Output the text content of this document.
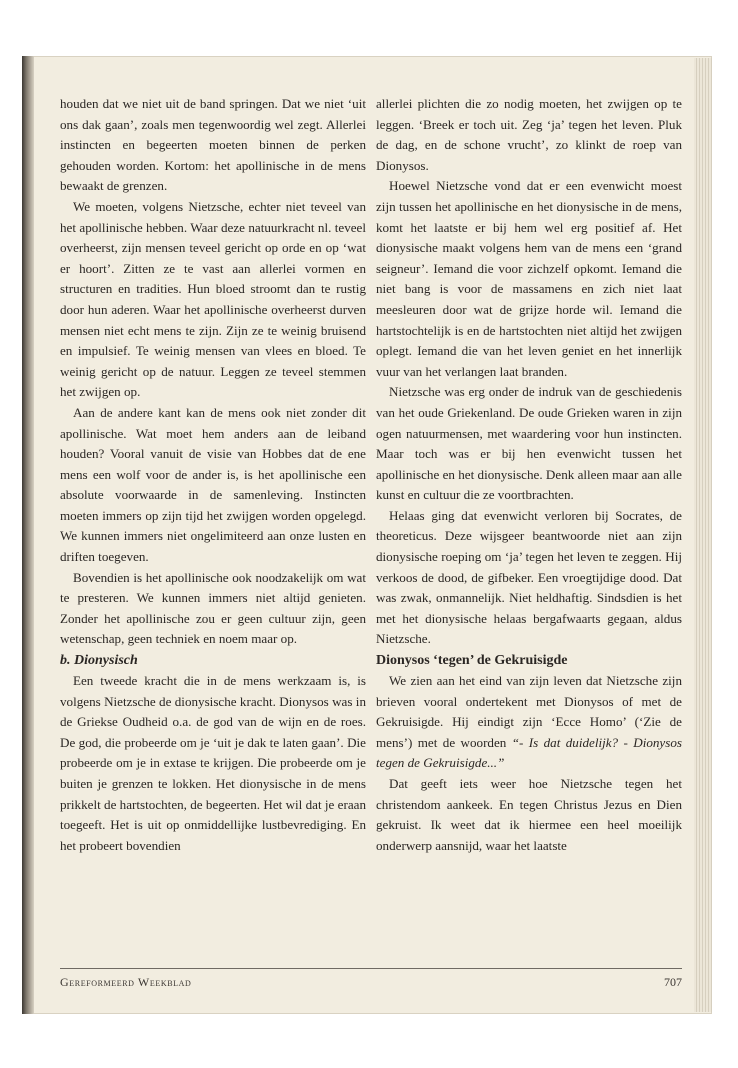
houden dat we niet uit de band springen. Dat we niet ‘uit ons dak gaan’, zoals men tegenwoordig wel zegt. Allerlei instincten en begeerten moeten binnen de perken gehouden worden. Kortom: het apollinische in de mens bewaakt de grenzen.

We moeten, volgens Nietzsche, echter niet teveel van het apollinische hebben. Waar deze natuurkracht nl. teveel overheerst, zijn mensen teveel gericht op orde en op ‘wat er hoort’. Zitten ze te vast aan allerlei vormen en structuren en tradities. Hun bloed stroomt dan te rustig door hun aderen. Waar het apollinische overheerst durven mensen niet echt mens te zijn. Zijn ze te weinig bruisend en impulsief. Te weinig mensen van vlees en bloed. Te weinig gericht op de natuur. Leggen ze teveel stemmen het zwijgen op.

Aan de andere kant kan de mens ook niet zonder dit apollinische. Wat moet hem anders aan de leiband houden? Vooral vanuit de visie van Hobbes dat de ene mens een wolf voor de ander is, is het apollinische een absolute voorwaarde in de samenleving. Instincten moeten immers op zijn tijd het zwijgen worden opgelegd. We kunnen immers niet ongelimiteerd aan onze lusten en driften toegeven.

Bovendien is het apollinische ook noodzakelijk om wat te presteren. We kunnen immers niet altijd genieten. Zonder het apollinische zou er geen cultuur zijn, geen wetenschap, geen techniek en noem maar op.

b. Dionysisch

Een tweede kracht die in de mens werkzaam is, is volgens Nietzsche de dionysische kracht. Dionysos was in de Griekse Oudheid o.a. de god van de wijn en de roes. De god, die probeerde om je ‘uit je dak te laten gaan’. Die probeerde om je in extase te krijgen. Die probeerde om je buiten je grenzen te lokken. Het dionysische in de mens prikkelt de hartstochten, de begeerten. Het wil dat je eraan toegeeft. Het is uit op onmiddellijke lustbevrediging. En het probeert bovendien

allerlei plichten die zo nodig moeten, het zwijgen op te leggen. ‘Breek er toch uit. Zeg ‘ja’ tegen het leven. Pluk de dag, en de schone vrucht’, zo klinkt de roep van Dionysos.

Hoewel Nietzsche vond dat er een evenwicht moest zijn tussen het apollinische en het dionysische in de mens, komt het laatste er bij hem wel erg positief af. Het dionysische maakt volgens hem van de mens een ‘grand seigneur’. Iemand die voor zichzelf opkomt. Iemand die niet bang is voor de massamens en zich niet laat meesleuren door wat de grijze horde wil. Iemand die hartstochtelijk is en de hartstochten niet altijd het zwijgen oplegt. Iemand die van het leven geniet en het innerlijk vuur van het verlangen laat branden.

Nietzsche was erg onder de indruk van de geschiedenis van het oude Griekenland. De oude Grieken waren in zijn ogen natuurmensen, met waardering voor hun instincten. Maar toch was er bij hen evenwicht tussen het apollinische en het dionysische. Denk alleen maar aan alle kunst en cultuur die ze voortbrachten.

Helaas ging dat evenwicht verloren bij Socrates, de theoreticus. Deze wijsgeer beantwoorde niet aan zijn dionysische roeping om ‘ja’ tegen het leven te zeggen. Hij verkoos de dood, de gifbeker. Een vroegtijdige dood. Dat was zwak, onmannelijk. Niet heldhaftig. Sindsdien is het met het dionysische helaas bergafwaarts gegaan, aldus Nietzsche.

Dionysos ‘tegen’ de Gekruisigde

We zien aan het eind van zijn leven dat Nietzsche zijn brieven vooral ondertekent met Dionysos of met de Gekruisigde. Hij eindigt zijn ‘Ecce Homo’ (‘Zie de mens’) met de woorden “- Is dat duidelijk? - Dionysos tegen de Gekruisigde...”

Dat geeft iets weer hoe Nietzsche tegen het christendom aankeek. En tegen Christus Jezus en Dien gekruist. Ik weet dat ik hiermee een heel moeilijk onderwerp aansnijd, waar het laatste

Gereformeerd Weekblad	707
